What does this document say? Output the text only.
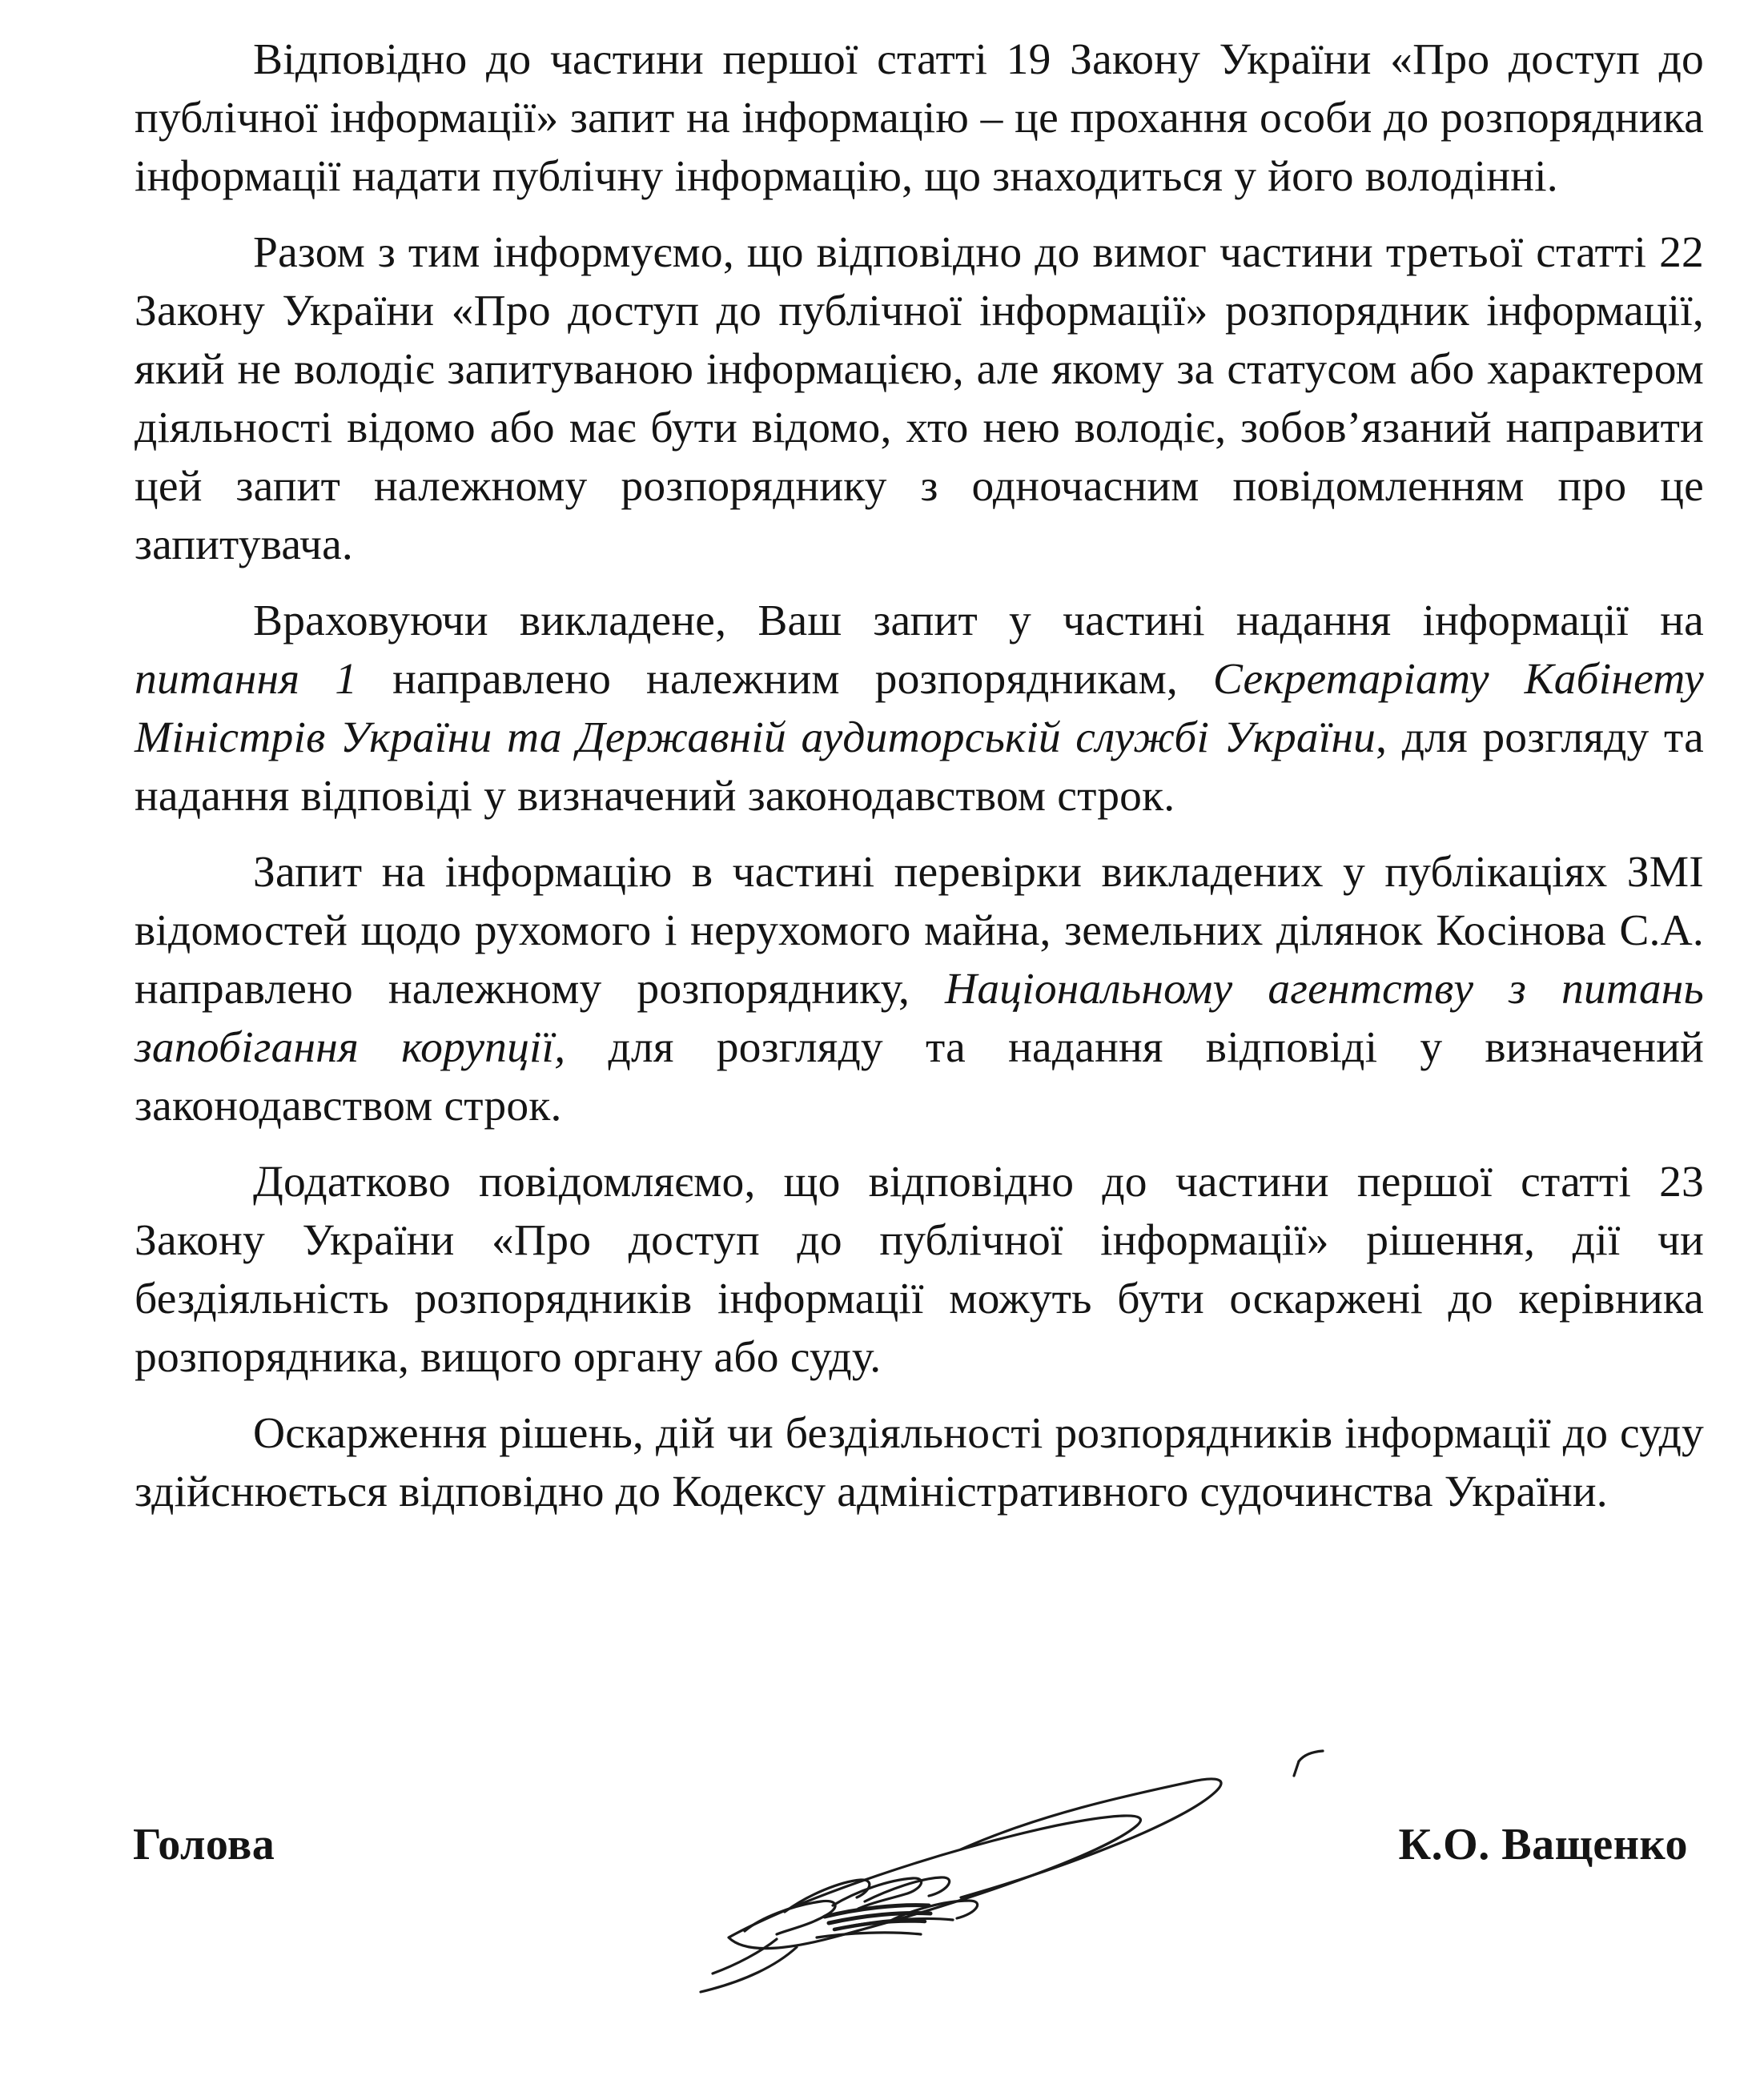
Відповідно до частини першої статті 19 Закону України «Про доступ до публічної інформації» запит на інформацію – це прохання особи до розпорядника інформації надати публічну інформацію, що знаходиться у його володінні.

Разом з тим інформуємо, що відповідно до вимог частини третьої статті 22 Закону України «Про доступ до публічної інформації» розпорядник інформації, який не володіє запитуваною інформацією, але якому за статусом або характером діяльності відомо або має бути відомо, хто нею володіє, зобов’язаний направити цей запит належному розпоряднику з одночасним повідомленням про це запитувача.

Враховуючи викладене, Ваш запит у частині надання інформації на питання 1 направлено належним розпорядникам, Секретаріату Кабінету Міністрів України та Державній аудиторській службі України, для розгляду та надання відповіді у визначений законодавством строк.

Запит на інформацію в частині перевірки викладених у публікаціях ЗМІ відомостей щодо рухомого і нерухомого майна, земельних ділянок Косінова С.А. направлено належному розпоряднику, Національному агентству з питань запобігання корупції, для розгляду та надання відповіді у визначений законодавством строк.

Додатково повідомляємо, що відповідно до частини першої статті 23 Закону України «Про доступ до публічної інформації» рішення, дії чи бездіяльність розпорядників інформації можуть бути оскаржені до керівника розпорядника, вищого органу або суду.

Оскарження рішень, дій чи бездіяльності розпорядників інформації до суду здійснюється відповідно до Кодексу адміністративного судочинства України.

Голова	К.О. Ващенко
